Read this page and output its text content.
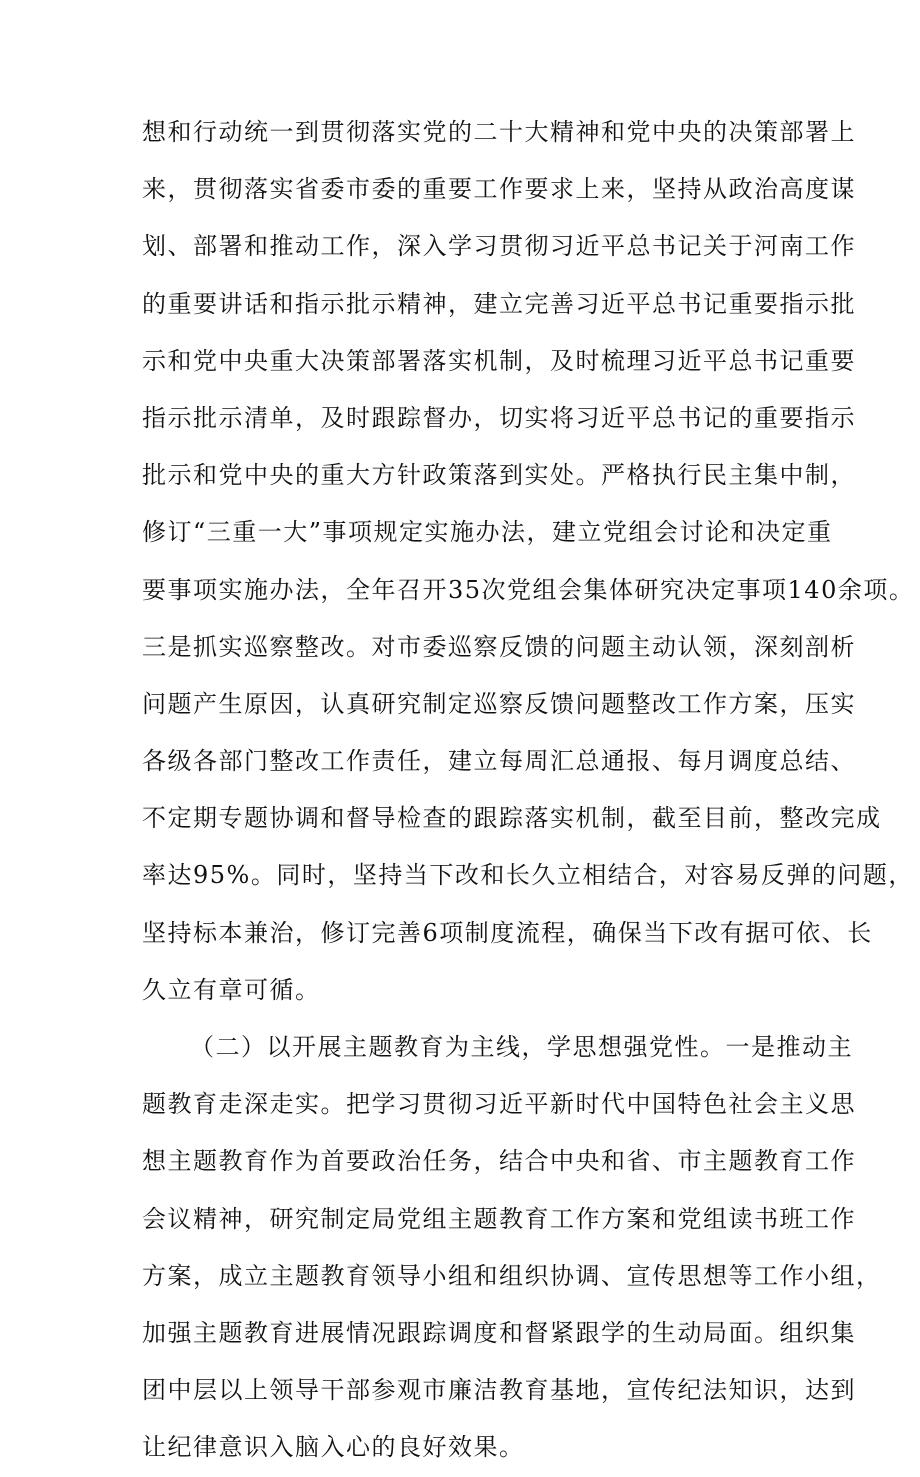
想和行动统一到贯彻落实党的二十大精神和党中央的决策部署上
来，贯彻落实省委市委的重要工作要求上来，坚持从政治高度谋
划、部署和推动工作，深入学习贯彻习近平总书记关于河南工作
的重要讲话和指示批示精神，建立完善习近平总书记重要指示批
示和党中央重大决策部署落实机制，及时梳理习近平总书记重要
指示批示清单，及时跟踪督办，切实将习近平总书记的重要指示
批示和党中央的重大方针政策落到实处。严格执行民主集中制，
修订“三重一大”事项规定实施办法，建立党组会讨论和决定重
要事项实施办法，全年召开35次党组会集体研究决定事项140余项。
三是抓实巡察整改。对市委巡察反馈的问题主动认领，深刻剖析
问题产生原因，认真研究制定巡察反馈问题整改工作方案，压实
各级各部门整改工作责任，建立每周汇总通报、每月调度总结、
不定期专题协调和督导检查的跟踪落实机制，截至目前，整改完成
率达95%。同时，坚持当下改和长久立相结合，对容易反弹的问题，
坚持标本兼治，修订完善6项制度流程，确保当下改有据可依、长
久立有章可循。
（二）以开展主题教育为主线，学思想强党性。一是推动主
题教育走深走实。把学习贯彻习近平新时代中国特色社会主义思
想主题教育作为首要政治任务，结合中央和省、市主题教育工作
会议精神，研究制定局党组主题教育工作方案和党组读书班工作
方案，成立主题教育领导小组和组织协调、宣传思想等工作小组，
加强主题教育进展情况跟踪调度和督紧跟学的生动局面。组织集
团中层以上领导干部参观市廉洁教育基地，宣传纪法知识，达到
让纪律意识入脑入心的良好效果。
